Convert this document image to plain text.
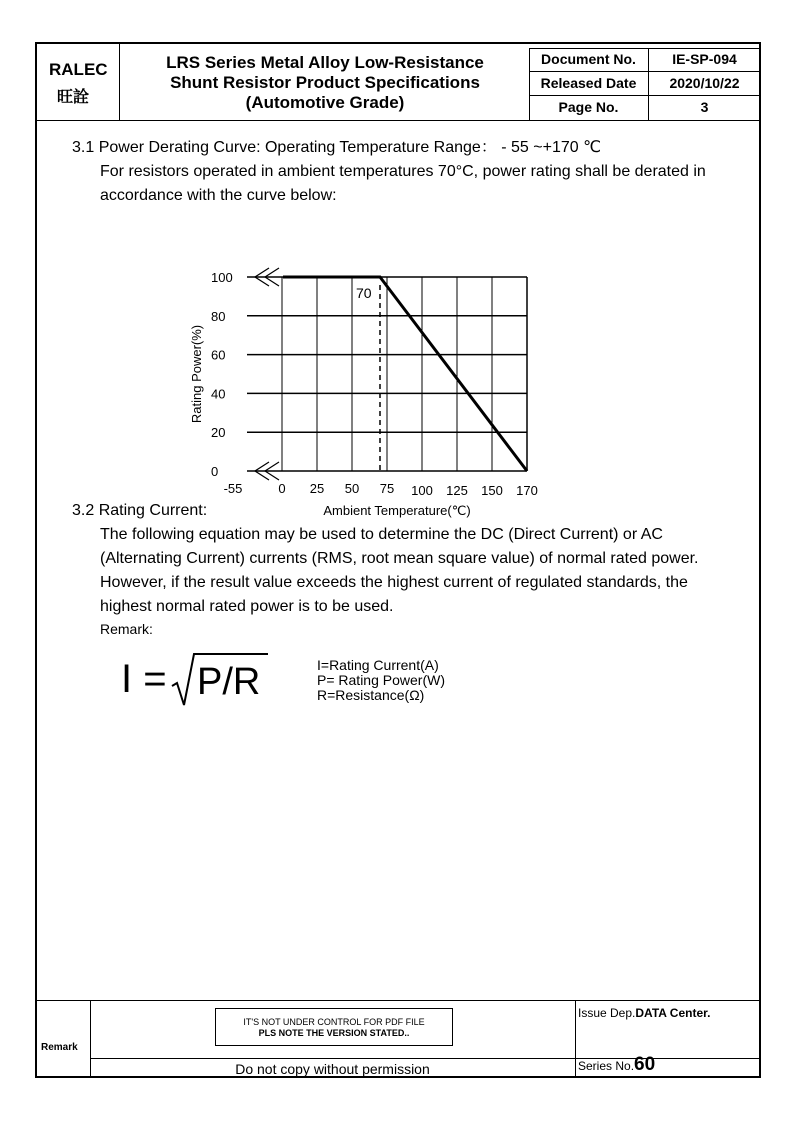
RALEC
旺詮
LRS Series Metal Alloy Low-Resistance
Shunt Resistor Product Specifications
(Automotive Grade)
Document No.	IE-SP-094
Released Date	2020/10/22
Page No.	3
3.1 Power Derating Curve: Operating Temperature Range： - 55 ~+170 ℃
For resistors operated in ambient temperatures 70°C, power rating shall be derated in
accordance with the curve below:
0
20
40
60
80
100
-55	0 25 50 75 100 125 150 170
70
Ambient Temperature(℃)
Rating Power(%)
3.2 Rating Current:
The following equation may be used to determine the DC (Direct Current) or AC
(Alternating Current) currents (RMS, root mean square value) of normal rated power.
However, if the result value exceeds the highest current of regulated standards, the
highest normal rated power is to be used.
Remark:
I = P/R	I=Rating Current(A)
P= Rating Power(W)
R=Resistance(Ω)
Remark
IT'S NOT UNDER CONTROL FOR PDF FILE
PLS NOTE THE VERSION STATED..
Do not copy without permission
Issue Dep.DATA Center.
Series No.60
